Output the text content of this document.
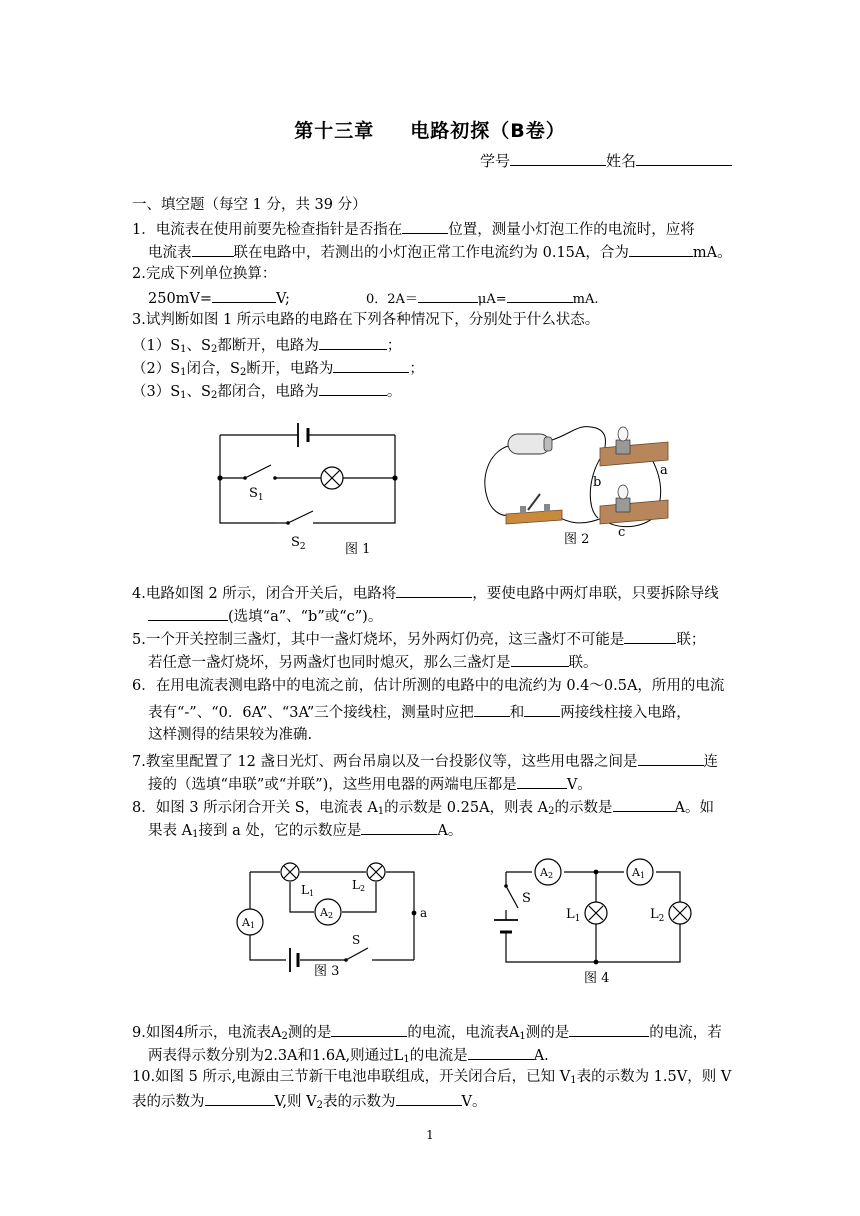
第十三章 电路初探（B卷）
学号	姓名
一、填空题（每空 1 分，共 39 分）
1．电流表在使用前要先检查指针是否指在	位置，测量小灯泡工作的电流时，应将
电流表	联在电路中，若测出的小灯泡正常工作电流约为 0.15A，合为	mA。
2.完成下列单位换算：
250mV=	V;	0．2A＝	μA=	mA.
3.试判断如图 1 所示电路的电路在下列各种情况下，分别处于什么状态。
$(1)S_1$、$S_2$都断开，电路为	；
$(2)S_1$闭合，$S_2$断开，电路为	；
$(3)S_1$、$S_2$都闭合，电路为	。
$S_1$
$S_2$	图 1
b
a
c
图 2
4.电路如图 2 所示，闭合开关后，电路将	，要使电路中两灯串联，只要拆除导线
(选填“a”、“b”或“c”)。
5.一个开关控制三盏灯，其中一盏灯烧坏，另外两灯仍亮，这三盏灯不可能是	联；
若任意一盏灯烧坏，另两盏灯也同时熄灭，那么三盏灯是	联。
6．在用电流表测电路中的电流之前，估计所测的电路中的电流约为 0.4～0.5A，所用的电流
表有“-”、“0．6A”、“3A”三个接线柱，测量时应把 和 两接线柱接入电路，
这样测得的结果较为准确.
7.教室里配置了 12 盏日光灯、两台吊扇以及一台投影仪等，这些用电器之间是	连
接的（选填“串联”或“并联”)，这些用电器的两端电压都是	V。
8．如图 3 所示闭合开关 S，电流表 $A_1$的示数是 0.25A，则表 $A_2$的示数是	A。如
果表 $A_1$接到 a 处，它的示数应是	A。
A1
A2
L1
L2
S
a
图 3
A2	A1
S
$L_1$	$L_2$
图 4
9.如图4所示，电流表$A_2$测的是	的电流，电流表$A_1$测的是	的电流，若
两表得示数分别为2.3A和1.6A,则通过$L_1$的电流是	A.
10.如图 5 所示,电源由三节新干电池串联组成，开关闭合后，已知 $V_1$表的示数为 1.5V，则 V
表的示数为	V,则 $V_2$表的示数为	V。
1
